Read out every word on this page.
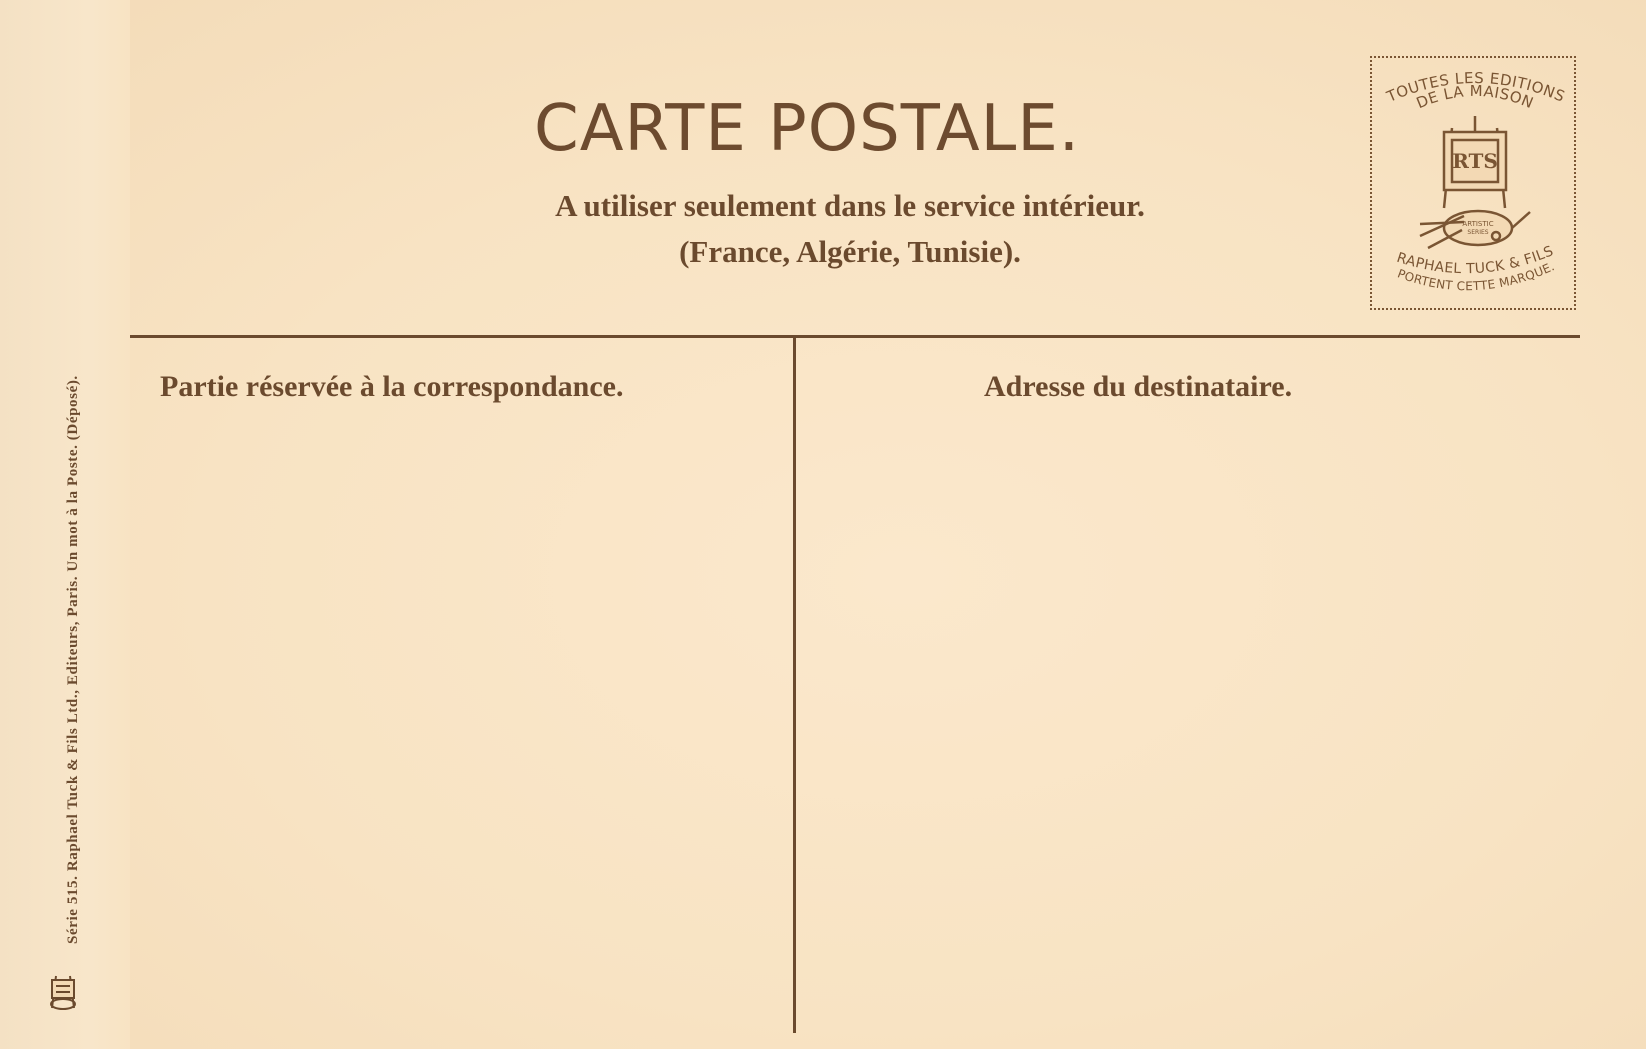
CARTE POSTALE.
A utiliser seulement dans le service intérieur.
(France, Algérie, Tunisie).
TOUTES LES EDITIONS
DE LA MAISON
RTS
ARTISTIC
SERIES
RAPHAEL TUCK & FILS
PORTENT CETTE MARQUE.
Partie réservée à la correspondance.	Adresse du destinataire.
Série 515. Raphael Tuck & Fils Ltd., Editeurs, Paris. Un mot à la Poste. (Déposé).
